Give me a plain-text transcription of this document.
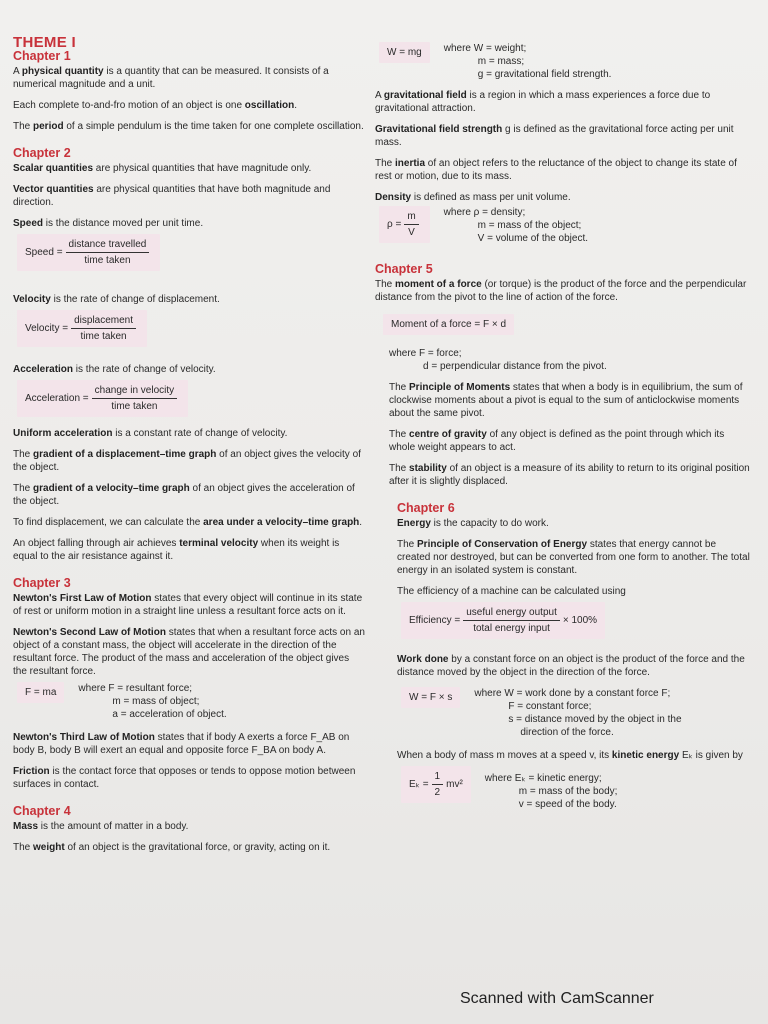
THEME I
Chapter 1

A physical quantity is a quantity that can be measured. It consists of a numerical magnitude and a unit.

Each complete to-and-fro motion of an object is one oscillation.

The period of a simple pendulum is the time taken for one complete oscillation.

Chapter 2

Scalar quantities are physical quantities that have magnitude only.

Vector quantities are physical quantities that have both magnitude and direction.

Speed is the distance moved per unit time.

Speed = $\frac{\text{distance travelled}}{\text{time taken}}$

Velocity is the rate of change of displacement.

Velocity = $\frac{\text{displacement}}{\text{time taken}}$

Acceleration is the rate of change of velocity.

Acceleration = $\frac{\text{change in velocity}}{\text{time taken}}$

Uniform acceleration is a constant rate of change of velocity.

The gradient of a displacement–time graph of an object gives the velocity of the object.

The gradient of a velocity–time graph of an object gives the acceleration of the object.

To find displacement, we can calculate the area under a velocity–time graph.

An object falling through air achieves terminal velocity when its weight is equal to the air resistance against it.

Chapter 3

Newton's First Law of Motion states that every object will continue in its state of rest or uniform motion in a straight line unless a resultant force acts on it.

Newton's Second Law of Motion states that when a resultant force acts on an object of a constant mass, the object will accelerate in the direction of the resultant force. The product of the mass and acceleration of the object gives the resultant force.

F = ma	where F = resultant force;
m = mass of object;
a = acceleration of object.

Newton's Third Law of Motion states that if body A exerts a force F_AB on body B, body B will exert an equal and opposite force F_BA on body A.

Friction is the contact force that opposes or tends to oppose motion between surfaces in contact.

Chapter 4

Mass is the amount of matter in a body.

The weight of an object is the gravitational force, or gravity, acting on it.

W = mg	where W = weight;
m = mass;
g = gravitational field strength.

A gravitational field is a region in which a mass experiences a force due to gravitational attraction.

Gravitational field strength g is defined as the gravitational force acting per unit mass.

The inertia of an object refers to the reluctance of the object to change its state of rest or motion, due to its mass.

Density is defined as mass per unit volume.

$\rho = \frac{m}{V}$	where ρ = density;
m = mass of the object;
V = volume of the object.
Chapter 5

The moment of a force (or torque) is the product of the force and the perpendicular distance from the pivot to the line of action of the force.

Moment of a force = F × d
where F = force;
d = perpendicular distance from the pivot.

The Principle of Moments states that when a body is in equilibrium, the sum of clockwise moments about a pivot is equal to the sum of anticlockwise moments about the same pivot.

The centre of gravity of any object is defined as the point through which its whole weight appears to act.

The stability of an object is a measure of its ability to return to its original position after it is slightly displaced.

Chapter 6

Energy is the capacity to do work.

The Principle of Conservation of Energy states that energy cannot be created nor destroyed, but can be converted from one form to another. The total energy in an isolated system is constant.

The efficiency of a machine can be calculated using

Efficiency = $\frac{\text{useful energy output}}{\text{total energy input}} \times 100\%$

Work done by a constant force on an object is the product of the force and the distance moved by the object in the direction of the force.

W = F × s	where W = work done by a constant force F;
F = constant force;
s = distance moved by the object in the
direction of the force.

When a body of mass m moves at a speed v, its kinetic energy Eₖ is given by

$E_k = \frac{1}{2} mv^2$
where Eₖ = kinetic energy;
m = mass of the body;
v = speed of the body.
Scanned with CamScanner
